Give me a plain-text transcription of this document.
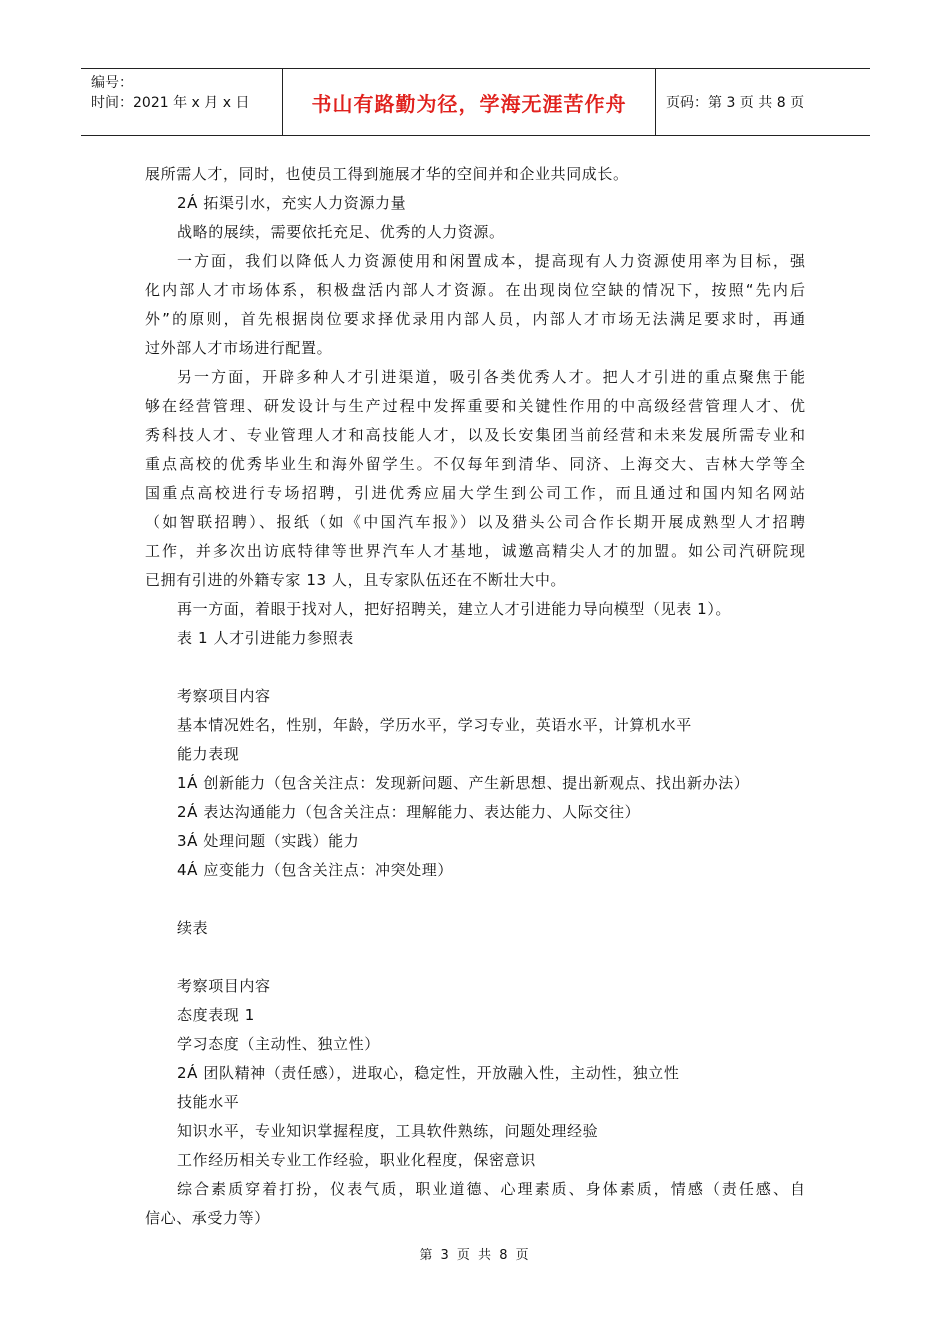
编号：
时间：2021 年 x 月 x 日	书山有路勤为径，学海无涯苦作舟	页码：第 3 页 共 8 页
展所需人才，同时，也使员工得到施展才华的空间并和企业共同成长。
2Á 拓渠引水，充实人力资源力量
战略的展续，需要依托充足、优秀的人力资源。
一方面，我们以降低人力资源使用和闲置成本，提高现有人力资源使用率为目标，强
化内部人才市场体系，积极盘活内部人才资源。在出现岗位空缺的情况下，按照“先内后
外”的原则，首先根据岗位要求择优录用内部人员，内部人才市场无法满足要求时，再通
过外部人才市场进行配置。
另一方面，开辟多种人才引进渠道，吸引各类优秀人才。把人才引进的重点聚焦于能
够在经营管理、研发设计与生产过程中发挥重要和关键性作用的中高级经营管理人才、优
秀科技人才、专业管理人才和高技能人才，以及长安集团当前经营和未来发展所需专业和
重点高校的优秀毕业生和海外留学生。不仅每年到清华、同济、上海交大、吉林大学等全
国重点高校进行专场招聘，引进优秀应届大学生到公司工作，而且通过和国内知名网站
（如智联招聘）、报纸（如《中国汽车报》）以及猎头公司合作长期开展成熟型人才招聘
工作，并多次出访底特律等世界汽车人才基地，诚邀高精尖人才的加盟。如公司汽研院现
已拥有引进的外籍专家 13 人，且专家队伍还在不断壮大中。
再一方面，着眼于找对人，把好招聘关，建立人才引进能力导向模型（见表 1）。
表 1 人才引进能力参照表
考察项目内容
基本情况姓名，性别，年龄，学历水平，学习专业，英语水平，计算机水平
能力表现
1Á 创新能力（包含关注点：发现新问题、产生新思想、提出新观点、找出新办法）
2Á 表达沟通能力（包含关注点：理解能力、表达能力、人际交往）
3Á 处理问题（实践）能力
4Á 应变能力（包含关注点：冲突处理）
续表
考察项目内容
态度表现 1
学习态度（主动性、独立性）
2Á 团队精神（责任感），进取心，稳定性，开放融入性，主动性，独立性
技能水平
知识水平，专业知识掌握程度，工具软件熟练，问题处理经验
工作经历相关专业工作经验，职业化程度，保密意识
综合素质穿着打扮，仪表气质，职业道德、心理素质、身体素质，情感（责任感、自
信心、承受力等）
第 3 页 共 8 页
